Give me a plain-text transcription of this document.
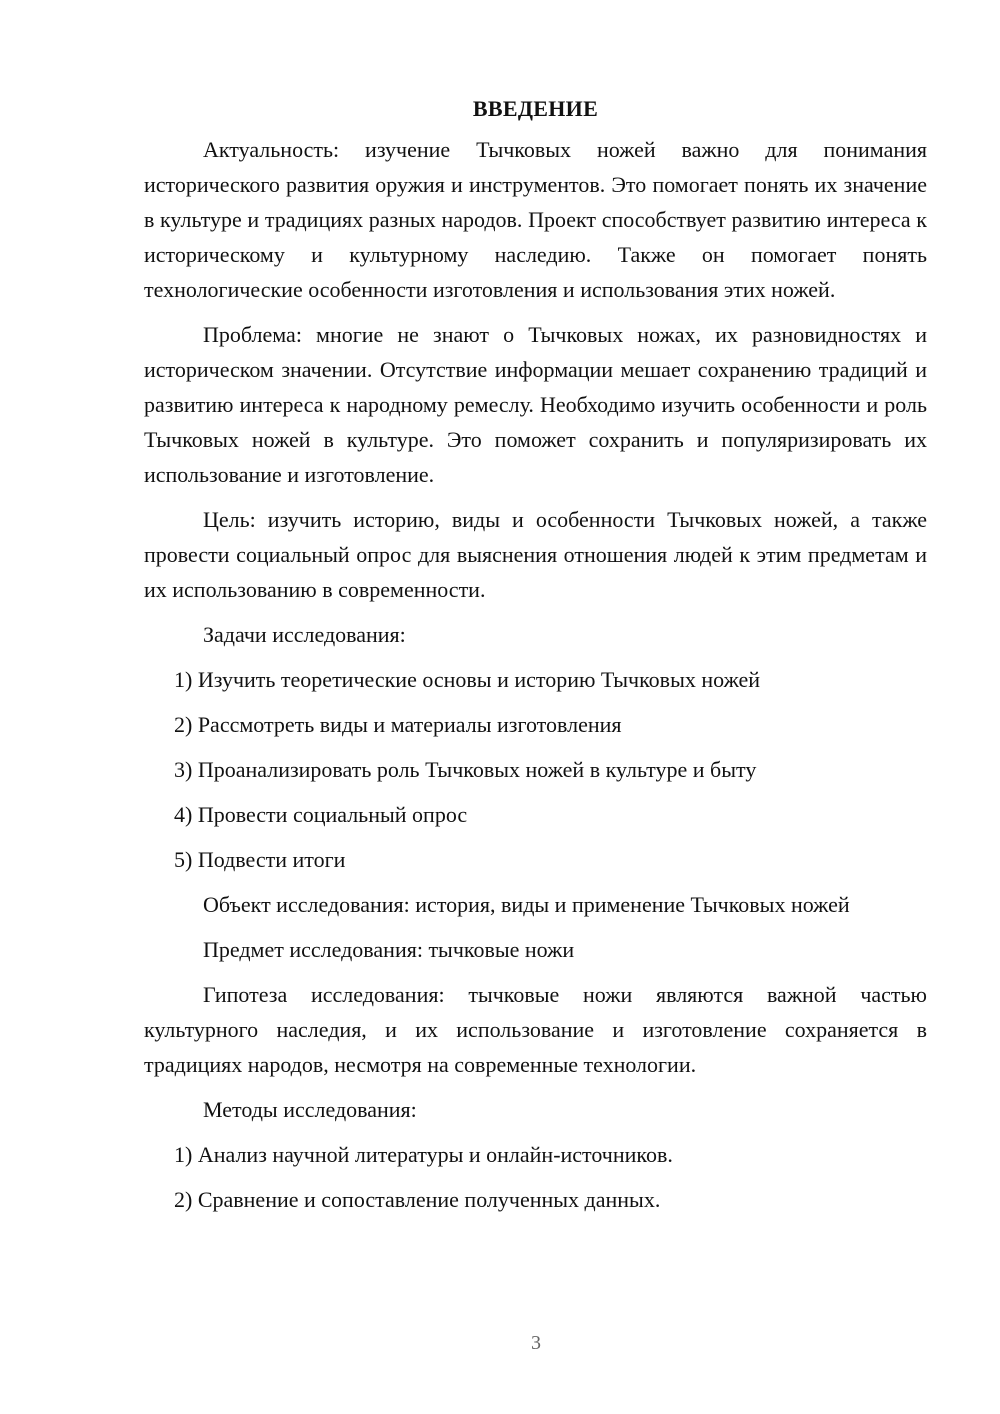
ВВЕДЕНИЕ

Актуальность: изучение Тычковых ножей важно для понимания исторического развития оружия и инструментов. Это помогает понять их значение в культуре и традициях разных народов. Проект способствует развитию интереса к историческому и культурному наследию. Также он помогает понять технологические особенности изготовления и использования этих ножей.

Проблема: многие не знают о Тычковых ножах, их разновидностях и историческом значении. Отсутствие информации мешает сохранению традиций и развитию интереса к народному ремеслу. Необходимо изучить особенности и роль Тычковых ножей в культуре. Это поможет сохранить и популяризировать их использование и изготовление.

Цель: изучить историю, виды и особенности Тычковых ножей, а также провести социальный опрос для выяснения отношения людей к этим предметам и их использованию в современности.

Задачи исследования:

1) Изучить теоретические основы и историю Тычковых ножей
2) Рассмотреть виды и материалы изготовления
3) Проанализировать роль Тычковых ножей в культуре и быту
4) Провести социальный опрос
5) Подвести итоги

Объект исследования: история, виды и применение Тычковых ножей

Предмет исследования: тычковые ножи

Гипотеза исследования: тычковые ножи являются важной частью культурного наследия, и их использование и изготовление сохраняется в традициях народов, несмотря на современные технологии.

Методы исследования:

1) Анализ научной литературы и онлайн-источников.
2) Сравнение и сопоставление полученных данных.
3
